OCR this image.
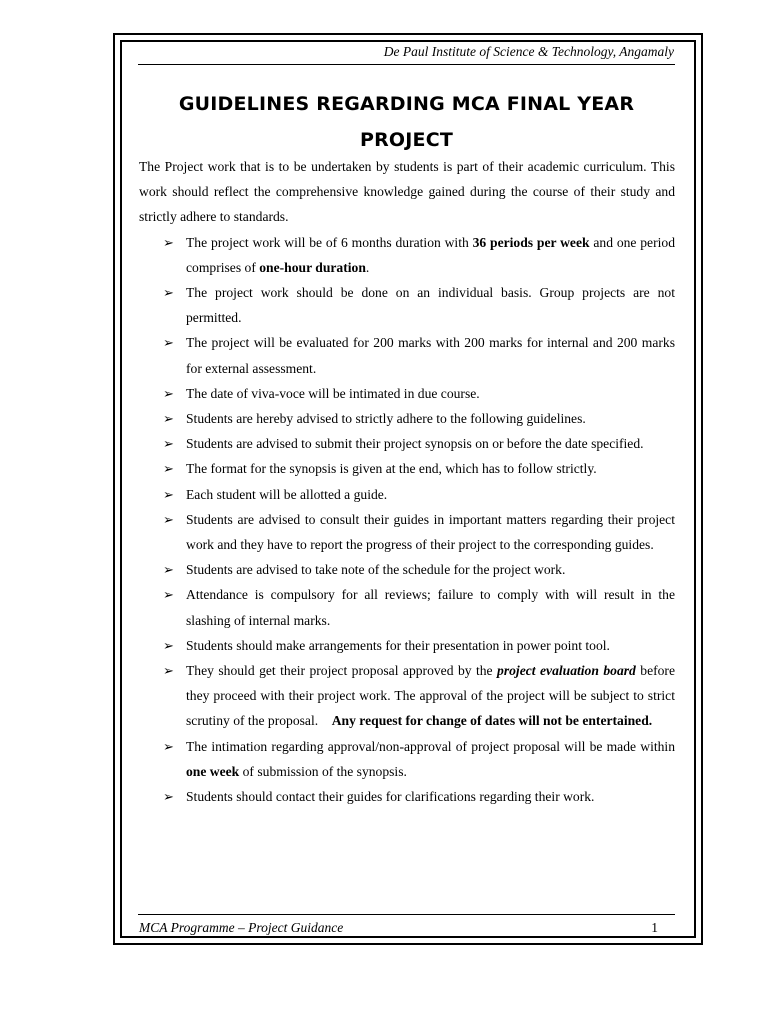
De Paul Institute of Science & Technology, Angamaly
GUIDELINES REGARDING MCA FINAL YEAR
PROJECT

The Project work that is to be undertaken by students is part of their academic curriculum. This work should reflect the comprehensive knowledge gained during the course of their study and strictly adhere to standards.

➢ The project work will be of 6 months duration with 36 periods per week and one period comprises of one-hour duration.
➢ The project work should be done on an individual basis. Group projects are not permitted.
➢ The project will be evaluated for 200 marks with 200 marks for internal and 200 marks for external assessment.
➢ The date of viva-voce will be intimated in due course.
➢ Students are hereby advised to strictly adhere to the following guidelines.
➢ Students are advised to submit their project synopsis on or before the date specified.
➢ The format for the synopsis is given at the end, which has to follow strictly.
➢ Each student will be allotted a guide.
➢ Students are advised to consult their guides in important matters regarding their project work and they have to report the progress of their project to the corresponding guides.
➢ Students are advised to take note of the schedule for the project work.
➢ Attendance is compulsory for all reviews; failure to comply with will result in the slashing of internal marks.
➢ Students should make arrangements for their presentation in power point tool.
➢ They should get their project proposal approved by the project evaluation board before they proceed with their project work. The approval of the project will be subject to strict scrutiny of the proposal.    Any request for change of dates will not be entertained.
➢ The intimation regarding approval/non-approval of project proposal will be made within one week of submission of the synopsis.
➢ Students should contact their guides for clarifications regarding their work.
MCA Programme – Project Guidance	1
